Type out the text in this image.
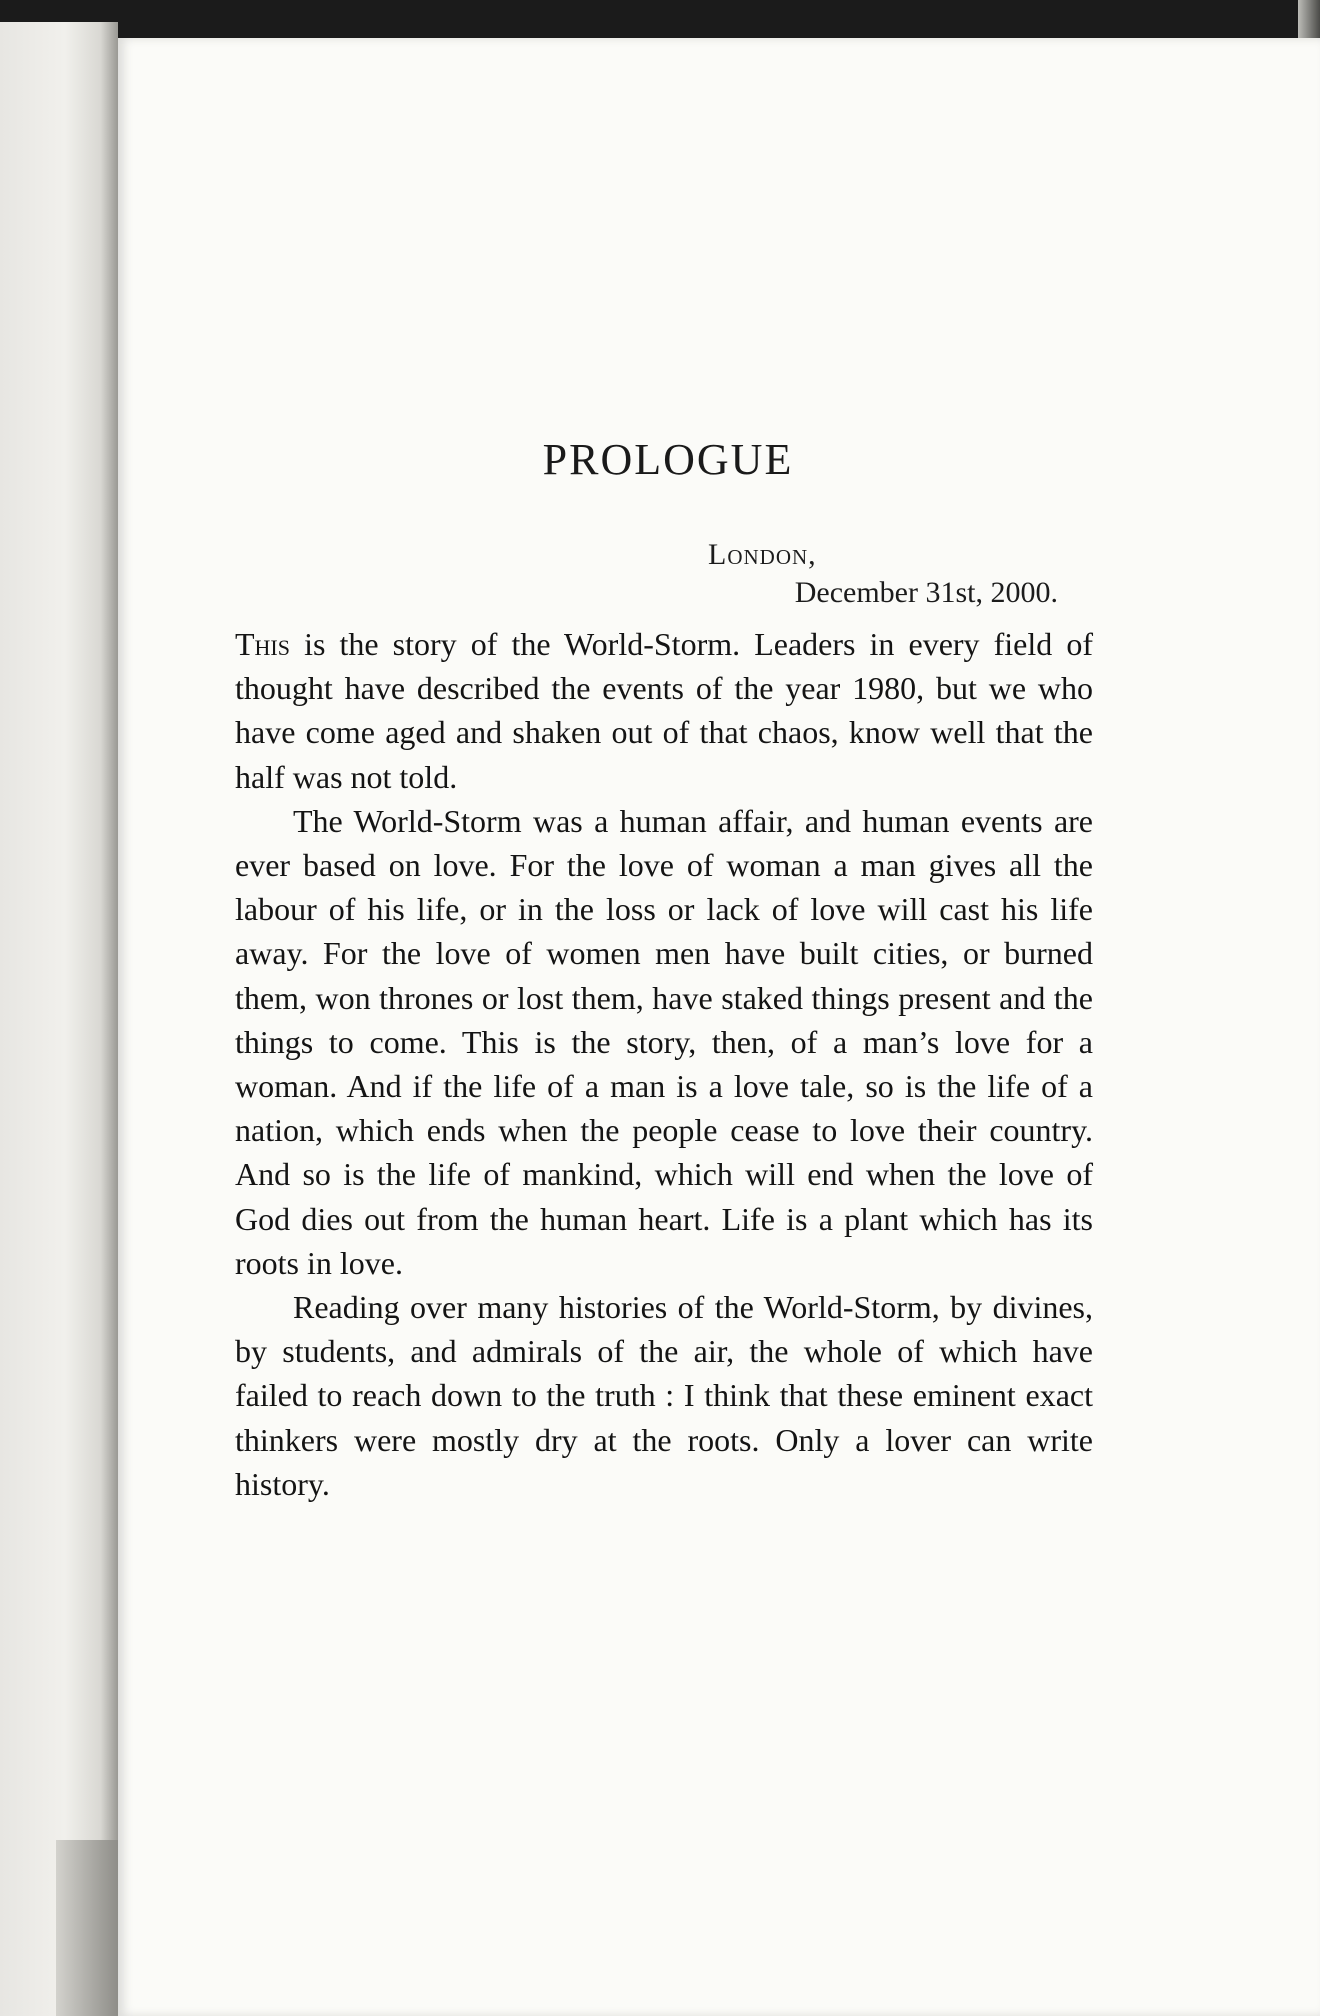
PROLOGUE
London,
December 31st, 2000.

This is the story of the World-Storm. Leaders in every field of thought have described the events of the year 1980, but we who have come aged and shaken out of that chaos, know well that the half was not told.

The World-Storm was a human affair, and human events are ever based on love. For the love of woman a man gives all the labour of his life, or in the loss or lack of love will cast his life away. For the love of women men have built cities, or burned them, won thrones or lost them, have staked things present and the things to come. This is the story, then, of a man’s love for a woman. And if the life of a man is a love tale, so is the life of a nation, which ends when the people cease to love their country. And so is the life of mankind, which will end when the love of God dies out from the human heart. Life is a plant which has its roots in love.

Reading over many histories of the World-Storm, by divines, by students, and admirals of the air, the whole of which have failed to reach down to the truth : I think that these eminent exact thinkers were mostly dry at the roots. Only a lover can write history.
